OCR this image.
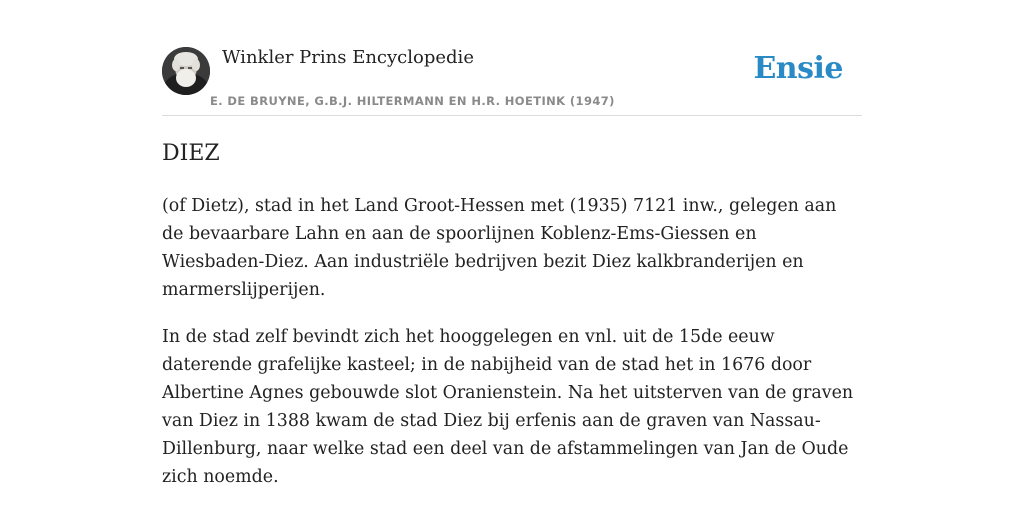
Winkler Prins Encyclopedie
E. DE BRUYNE, G.B.J. HILTERMANN EN H.R. HOETINK (1947)
Ensie
DIEZ

(of Dietz), stad in het Land Groot-Hessen met (1935) 7121 inw., gelegen aan de bevaarbare Lahn en aan de spoorlijnen Koblenz-Ems-Giessen en Wiesbaden-Diez. Aan industriële bedrijven bezit Diez kalkbranderijen en marmerslijperijen.

In de stad zelf bevindt zich het hooggelegen en vnl. uit de 15de eeuw daterende grafelijke kasteel; in de nabijheid van de stad het in 1676 door Albertine Agnes gebouwde slot Oranienstein. Na het uitsterven van de graven van Diez in 1388 kwam de stad Diez bij erfenis aan de graven van Nassau-Dillenburg, naar welke stad een deel van de afstammelingen van Jan de Oude zich noemde.
